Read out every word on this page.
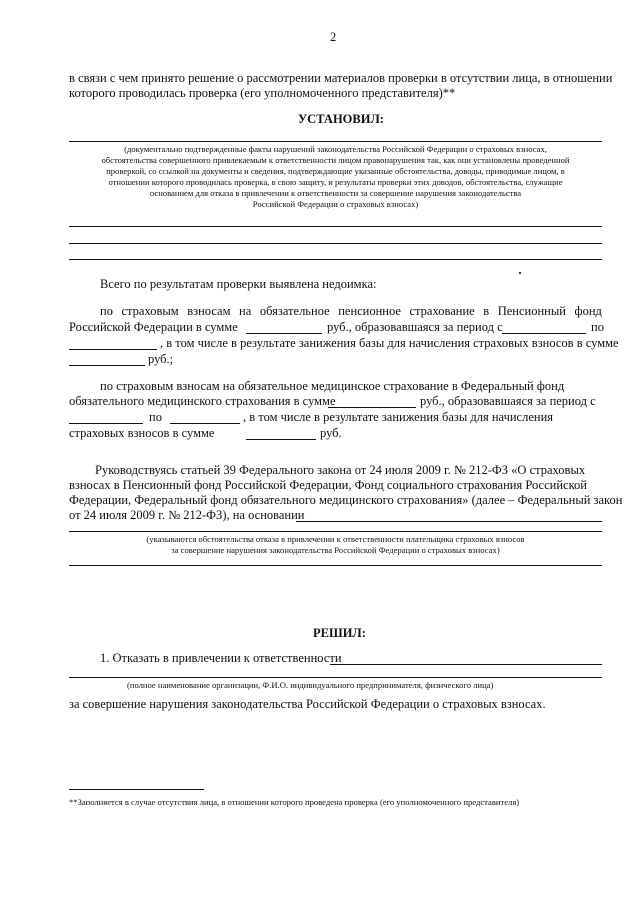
2
в связи с чем принято решение о рассмотрении материалов проверки в отсутствии лица, в отношении
которого проводилась проверка (его уполномоченного представителя)**
УСТАНОВИЛ:
(документально подтвержденные факты нарушений законодательства Российской Федерации о страховых взносах,
обстоятельства совершенного привлекаемым к ответственности лицом правонарушения так, как они установлены проведенной
проверкой, со ссылкой на документы и сведения, подтверждающие указанные обстоятельства, доводы, приводимые лицом, в
отношении которого проводилась проверка, в свою защиту, и результаты проверки этих доводов, обстоятельства, служащие
основанием для отказа в привлечении к ответственности за совершение нарушения законодательства
Российской Федерации о страховых взносах)
Всего по результатам проверки выявлена недоимка:
по страховым взносам на обязательное пенсионное страхование в Пенсионный фонд
Российской Федерации в сумме	руб., образовавшаяся за период с	по
, в том числе в результате занижения базы для начисления страховых взносов в сумме
руб.;
по страховым взносам на обязательное медицинское страхование в Федеральный фонд
обязательного медицинского страхования в сумме	руб., образовавшаяся за период с
по	, в том числе в результате занижения базы для начисления
страховых взносов в сумме	руб.
Руководствуясь статьей 39 Федерального закона от 24 июля 2009 г. № 212-ФЗ «О страховых
взносах в Пенсионный фонд Российской Федерации, Фонд социального страхования Российской
Федерации, Федеральный фонд обязательного медицинского страхования» (далее – Федеральный закон
от 24 июля 2009 г. № 212-ФЗ), на основании
(указываются обстоятельства отказа в привлечении к ответственности плательщика страховых взносов
за совершение нарушения законодательства Российской Федерации о страховых взносах)
РЕШИЛ:
1. Отказать в привлечении к ответственности
(полное наименование организации, Ф.И.О. индивидуального предпринимателя, физического лица)
за совершение нарушения законодательства Российской Федерации о страховых взносах.
**Заполняется в случае отсутствия лица, в отношении которого проведена проверка (его уполномоченного представителя)
